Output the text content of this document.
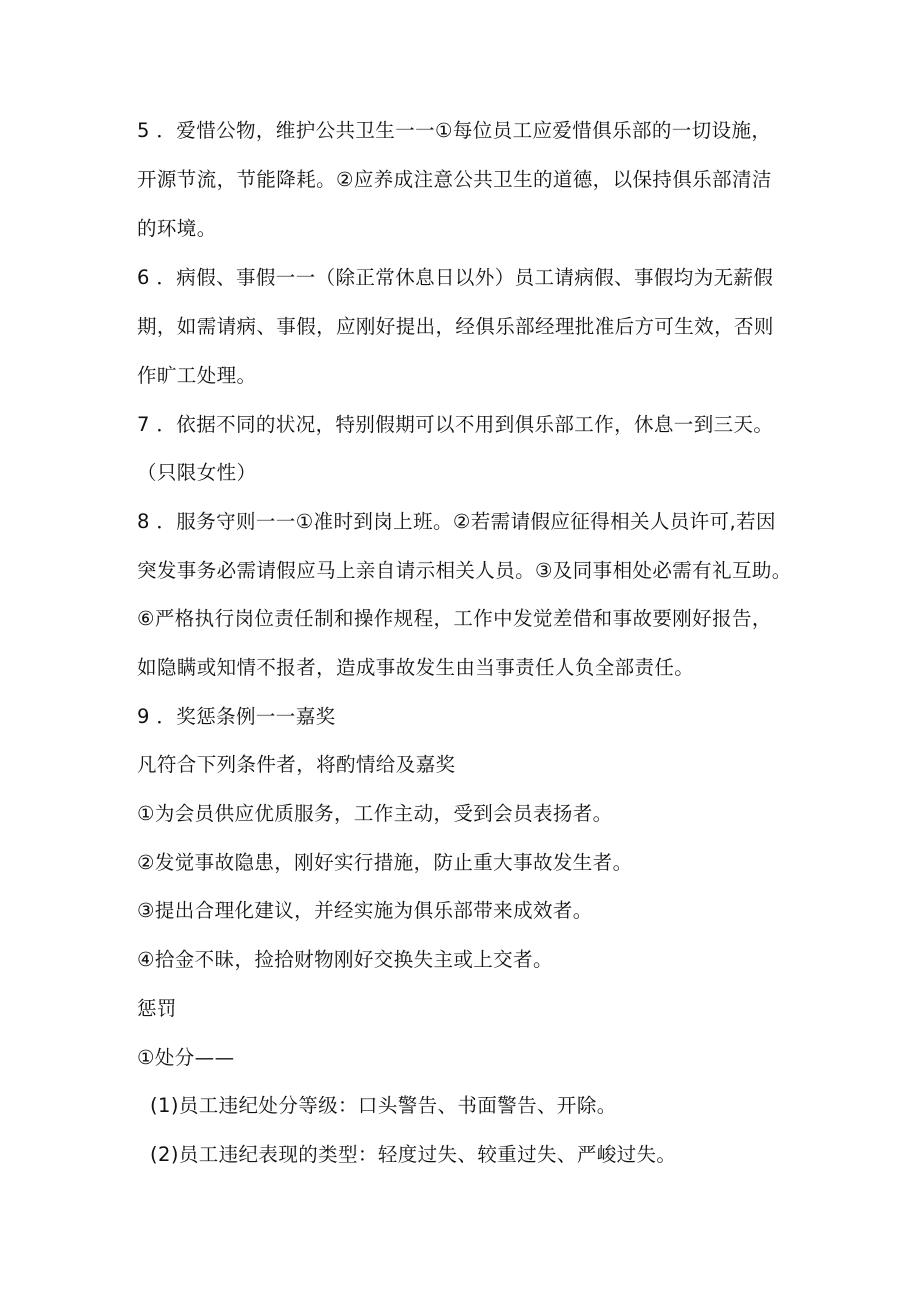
5 ．爱惜公物，维护公共卫生一一①每位员工应爱惜俱乐部的一切设施，
开源节流，节能降耗。②应养成注意公共卫生的道德，以保持俱乐部清洁
的环境。
6 ．病假、事假一一（除正常休息日以外）员工请病假、事假均为无薪假
期，如需请病、事假，应刚好提出，经俱乐部经理批准后方可生效，否则
作旷工处理。
7 ．依据不同的状况，特别假期可以不用到俱乐部工作，休息一到三天。
（只限女性）
8 ．服务守则一一①准时到岗上班。②若需请假应征得相关人员许可,若因
突发事务必需请假应马上亲自请示相关人员。③及同事相处必需有礼互助。
⑥严格执行岗位责任制和操作规程，工作中发觉差借和事故要刚好报告，
如隐瞒或知情不报者，造成事故发生由当事责任人负全部责任。
9 ．奖惩条例一一嘉奖
凡符合下列条件者，将酌情给及嘉奖
①为会员供应优质服务，工作主动，受到会员表扬者。
②发觉事故隐患，刚好实行措施，防止重大事故发生者。
③提出合理化建议，并经实施为俱乐部带来成效者。
④拾金不昧，捡拾财物刚好交换失主或上交者。
惩罚
①处分——
(1)员工违纪处分等级：口头警告、书面警告、开除。
(2)员工违纪表现的类型：轻度过失、较重过失、严峻过失。
